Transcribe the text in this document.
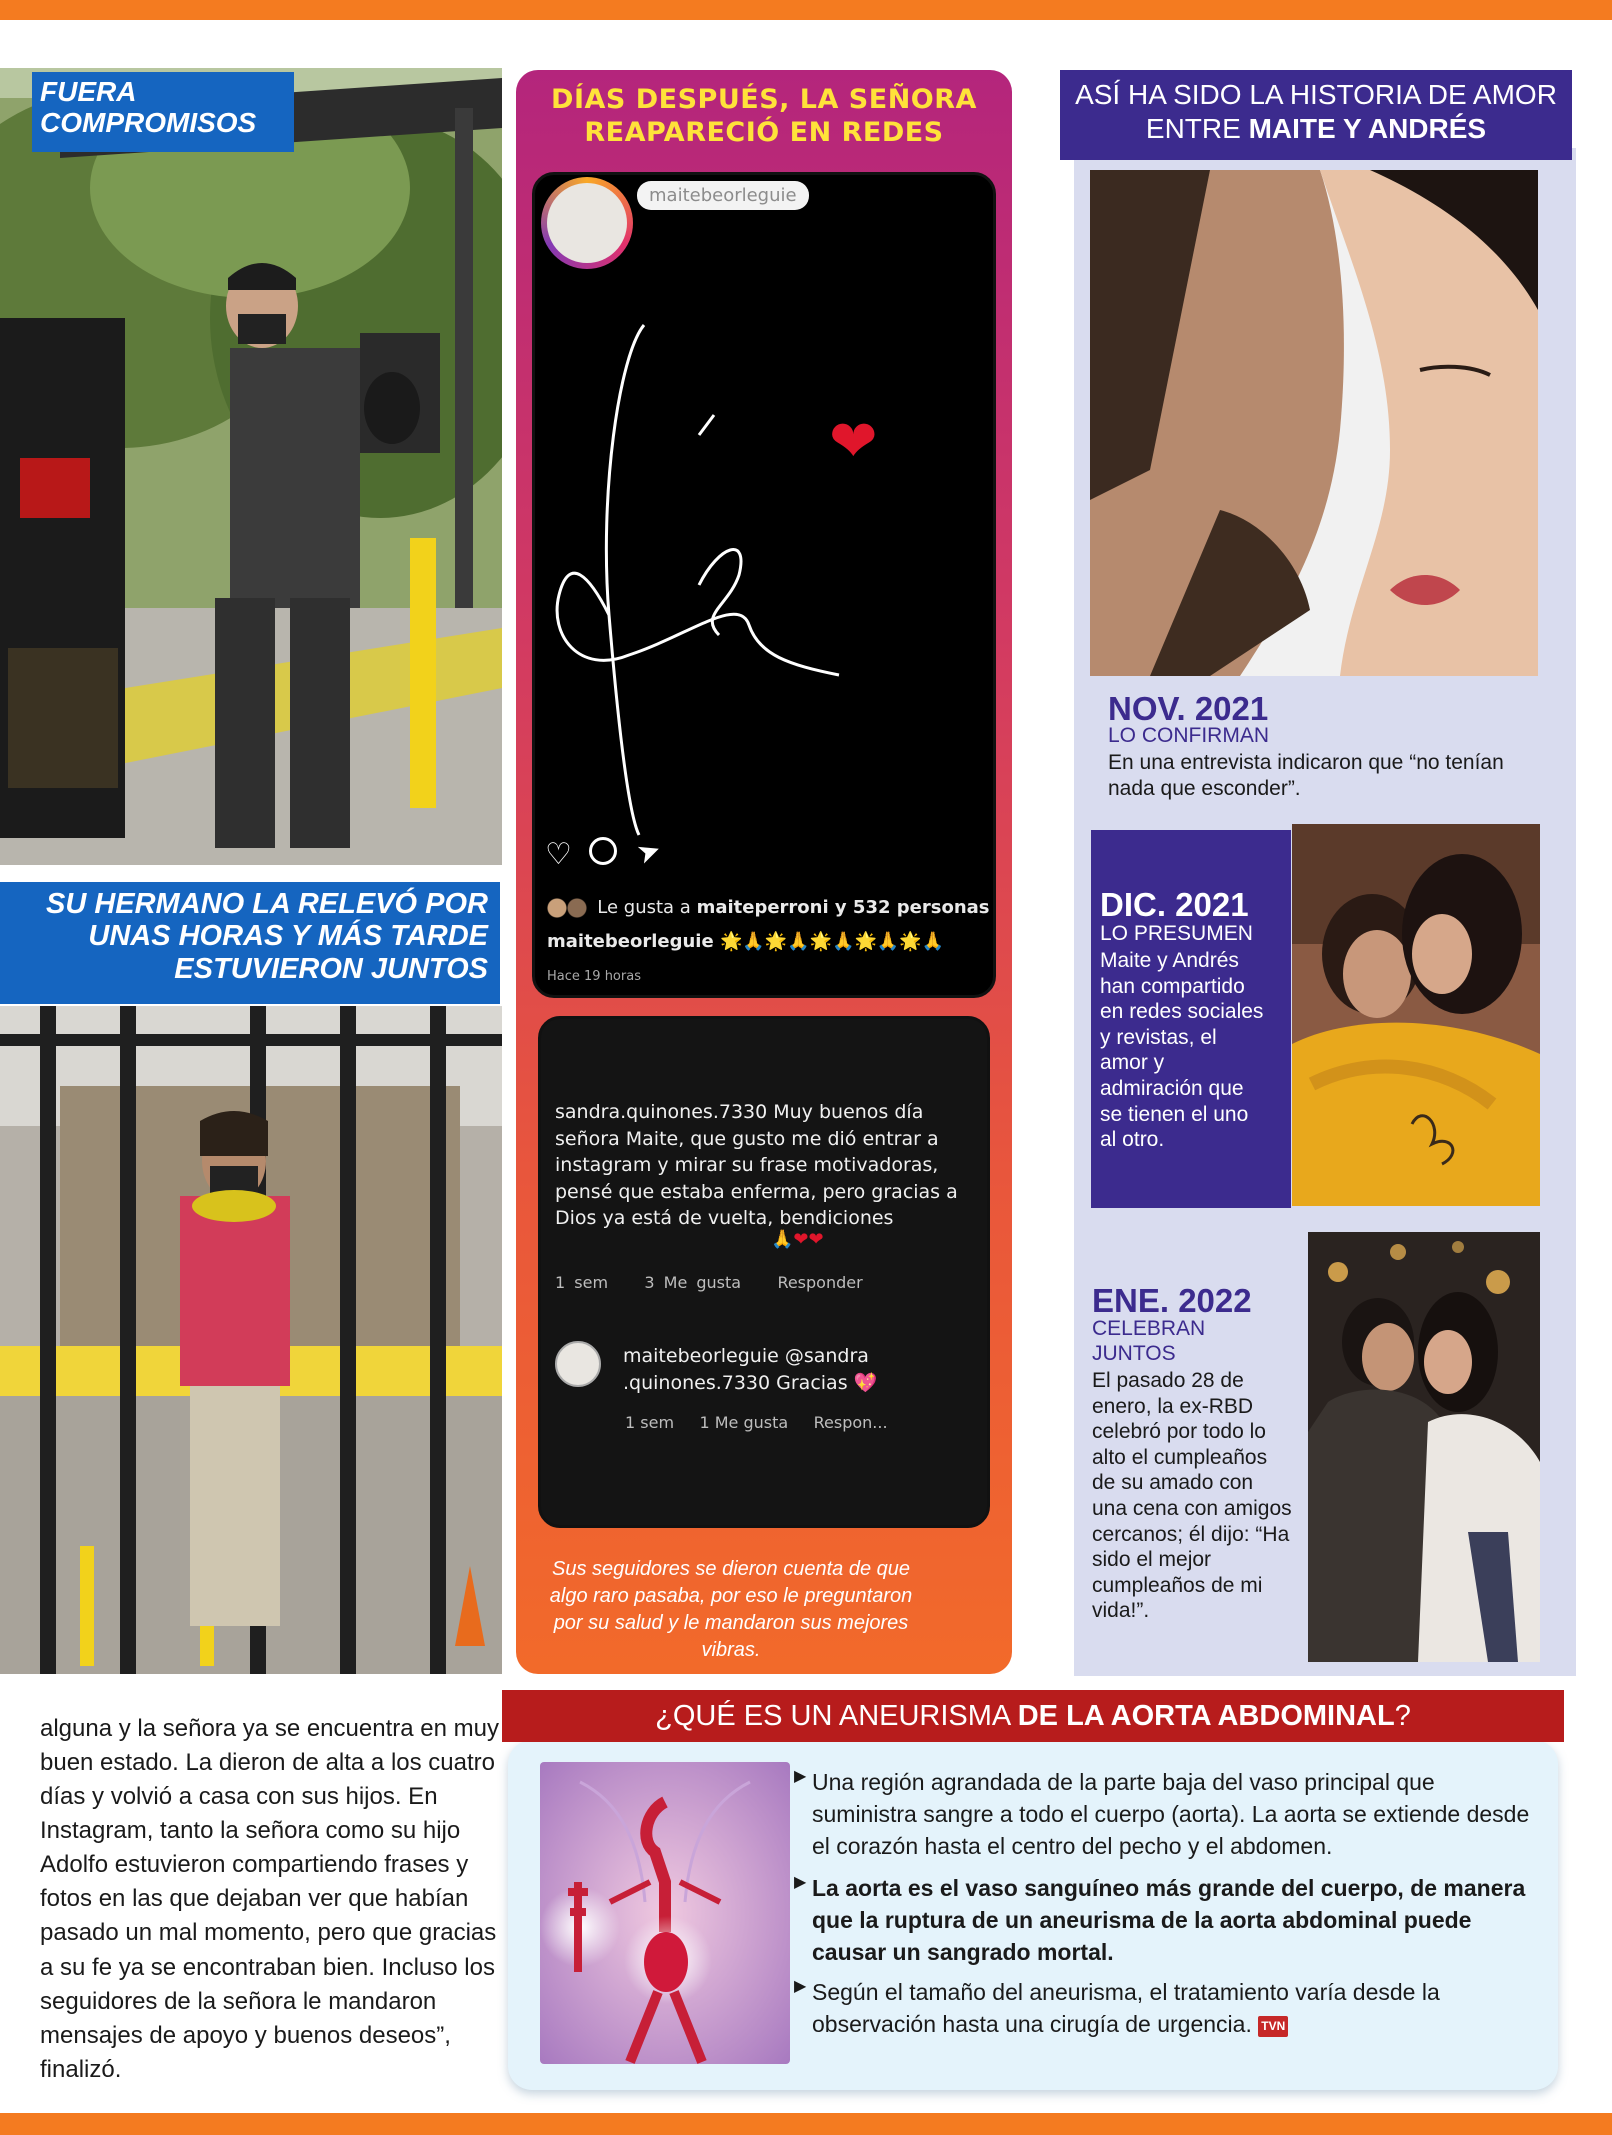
FUERA COMPROMISOS
SU HERMANO LA RELEVÓ POR UNAS HORAS Y MÁS TARDE ESTUVIERON JUNTOS
DÍAS DESPUÉS, LA SEÑORA REAPARECIÓ EN REDES
maitebeorleguie
❤
♡ ➤
Le gusta a maiteperroni y 532 personas
maitebeorleguie 🌟🙏🌟🙏🌟🙏🌟🙏🌟🙏
Hace 19 horas
sandra.quinones.7330 Muy buenos día señora Maite, que gusto me dió entrar a instagram y mirar su frase motivadoras, pensé que estaba enferma, pero gracias a Dios ya está de vuelta, bendiciones
🙏❤❤
1 sem 3 Me gusta Responder
maitebeorleguie @sandra .quinones.7330 Gracias 💖
1 sem 1 Me gusta Respon...
Sus seguidores se dieron cuenta de que algo raro pasaba, por eso le preguntaron por su salud y le mandaron sus mejores vibras.	Instagram
ASÍ HA SIDO LA HISTORIA DE AMOR
ENTRE MAITE Y ANDRÉS
NOV. 2021
LO CONFIRMAN
En una entrevista indicaron que “no tenían nada que esconder”.
DIC. 2021
LO PRESUMEN
Maite y Andrés han compartido en redes sociales y revistas, el amor y admiración que se tienen el uno al otro.
ENE. 2022
CELEBRAN JUNTOS
El pasado 28 de enero, la ex-RBD celebró por todo lo alto el cumpleaños de su amado con una cena con amigos cercanos; él dijo: “Ha sido el mejor cumpleaños de mi vida!”.
alguna y la señora ya se encuentra en muy buen estado. La dieron de alta a los cuatro días y volvió a casa con sus hijos. En Instagram, tanto la señora como su hijo Adolfo estuvieron compartiendo frases y fotos en las que dejaban ver que habían pasado un mal momento, pero que gracias a su fe ya se encontraban bien. Incluso los seguidores de la señora le mandaron mensajes de apoyo y buenos deseos”, finalizó.
¿QUÉ ES UN ANEURISMA DE LA AORTA ABDOMINAL?
▶ Una región agrandada de la parte baja del vaso principal que suministra sangre a todo el cuerpo (aorta). La aorta se extiende desde el corazón hasta el centro del pecho y el abdomen.
▶ La aorta es el vaso sanguíneo más grande del cuerpo, de manera que la ruptura de un aneurisma de la aorta abdominal puede causar un sangrado mortal.
▶ Según el tamaño del aneurisma, el tratamiento varía desde la observación hasta una cirugía de urgencia. TVN
